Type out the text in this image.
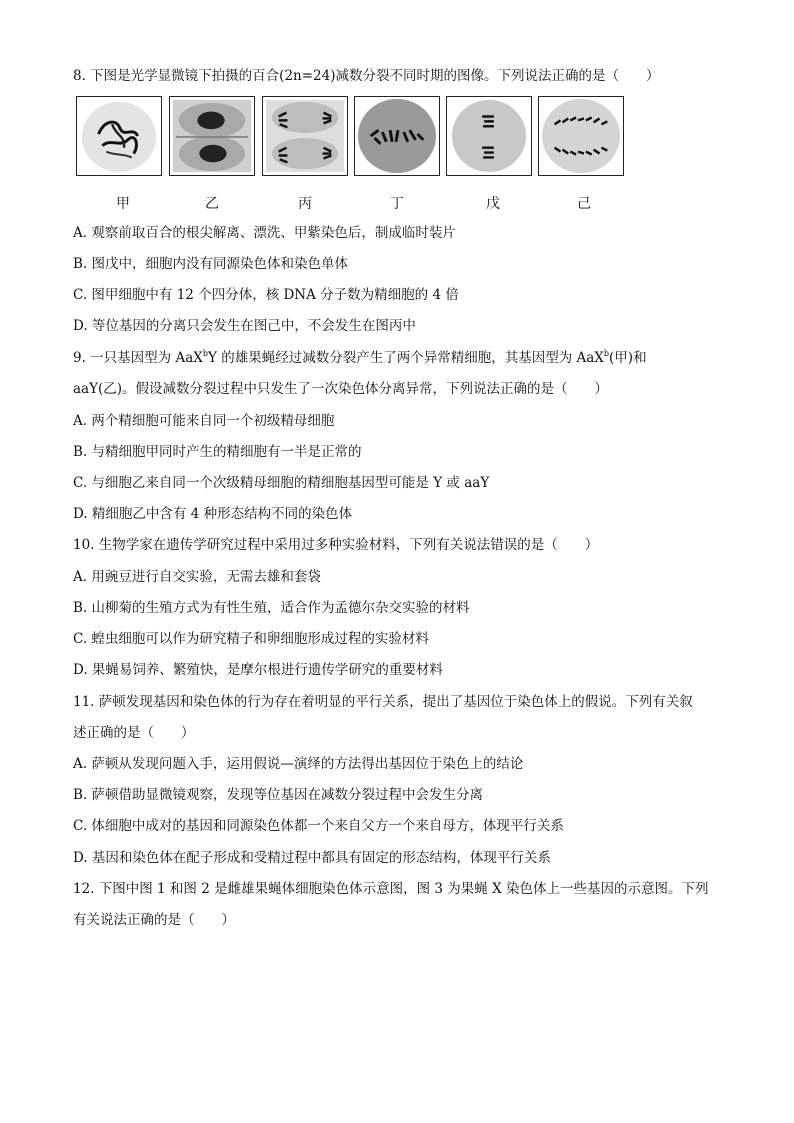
8. 下图是光学显微镜下拍摄的百合(2n=24)减数分裂不同时期的图像。下列说法正确的是（　　）
甲	乙	丙	丁	戊	己
A. 观察前取百合的根尖解离、漂洗、甲紫染色后，制成临时装片
B. 图戊中，细胞内没有同源染色体和染色单体
C. 图甲细胞中有 12 个四分体，核 DNA 分子数为精细胞的 4 倍
D. 等位基因的分离只会发生在图己中，不会发生在图丙中
9. 一只基因型为 AaX$^b$Y 的雄果蝇经过减数分裂产生了两个异常精细胞，其基因型为 AaX$^b$(甲)和
aaY(乙)。假设减数分裂过程中只发生了一次染色体分离异常，下列说法正确的是（　　）
A. 两个精细胞可能来自同一个初级精母细胞
B. 与精细胞甲同时产生的精细胞有一半是正常的
C. 与细胞乙来自同一个次级精母细胞的精细胞基因型可能是 Y 或 aaY
D. 精细胞乙中含有 4 种形态结构不同的染色体
10. 生物学家在遗传学研究过程中采用过多种实验材料，下列有关说法错误的是（　　）
A. 用豌豆进行自交实验，无需去雄和套袋
B. 山柳菊的生殖方式为有性生殖，适合作为孟德尔杂交实验的材料
C. 蝗虫细胞可以作为研究精子和卵细胞形成过程的实验材料
D. 果蝇易饲养、繁殖快，是摩尔根进行遗传学研究的重要材料
11. 萨顿发现基因和染色体的行为存在着明显的平行关系，提出了基因位于染色体上的假说。下列有关叙
述正确的是（　　）
A. 萨顿从发现问题入手，运用假说—演绎的方法得出基因位于染色上的结论
B. 萨顿借助显微镜观察，发现等位基因在减数分裂过程中会发生分离
C. 体细胞中成对的基因和同源染色体都一个来自父方一个来自母方，体现平行关系
D. 基因和染色体在配子形成和受精过程中都具有固定的形态结构，体现平行关系
12. 下图中图 1 和图 2 是雌雄果蝇体细胞染色体示意图，图 3 为果蝇 X 染色体上一些基因的示意图。下列
有关说法正确的是（　　）
